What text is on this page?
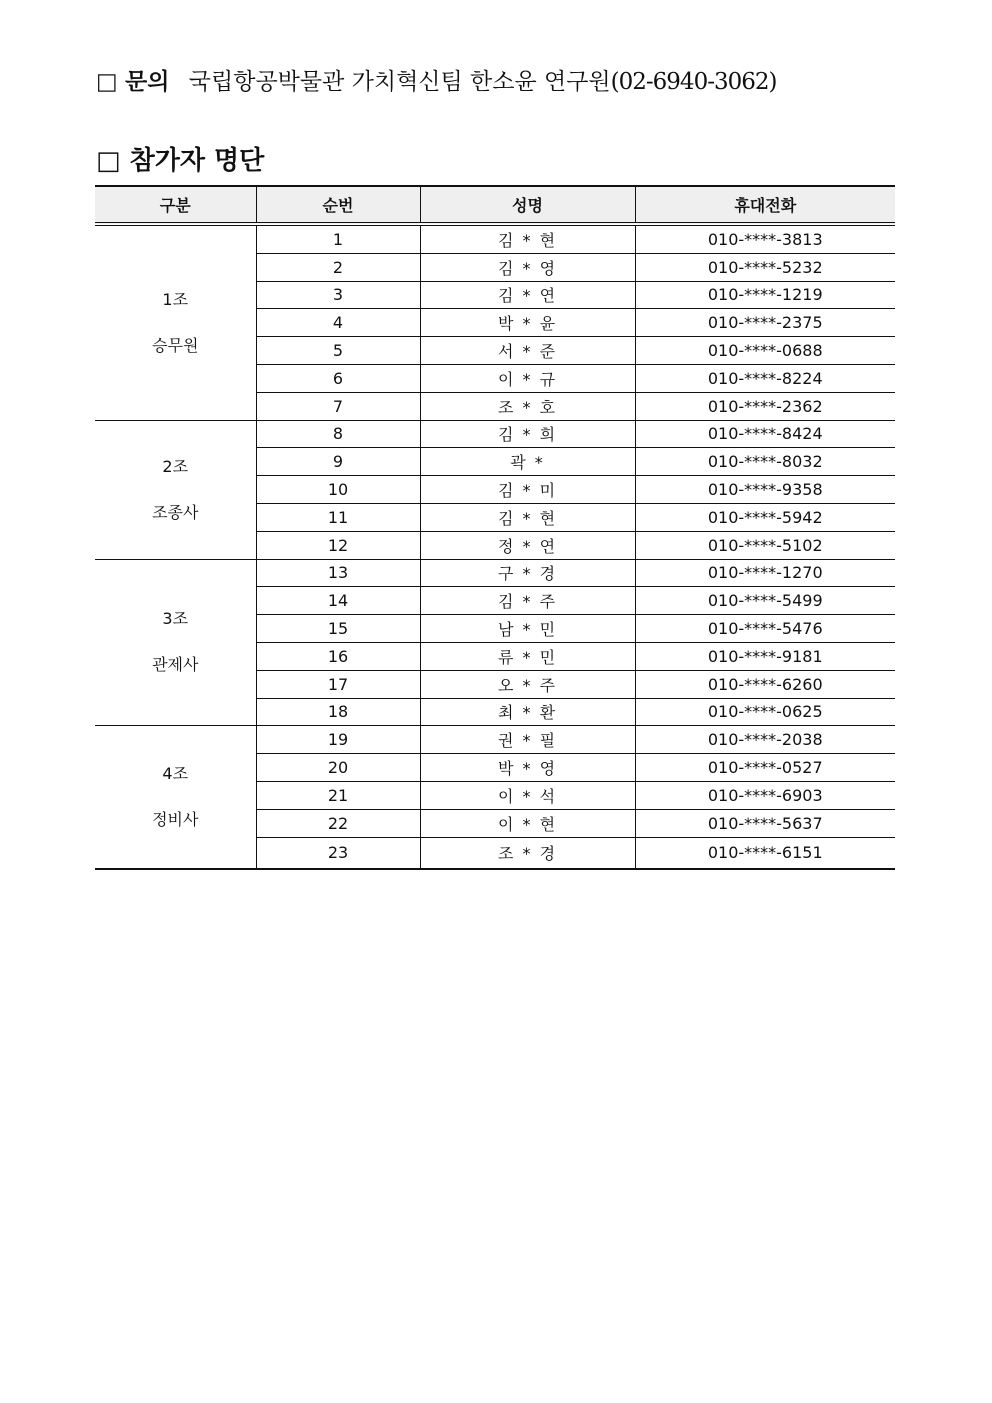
□ 문의 국립항공박물관 가치혁신팀 한소윤 연구원(02-6940-3062)
□ 참가자 명단
구분	순번	성명	휴대전화

1조
승무원	1	김 * 현	010-****-3813
	2	김 * 영	010-****-5232
	3	김 * 연	010-****-1219
	4	박 * 윤	010-****-2375
	5	서 * 준	010-****-0688
	6	이 * 규	010-****-8224
	7	조 * 호	010-****-2362

2조
조종사	8	김 * 희	010-****-8424
	9	곽 *	010-****-8032
	10	김 * 미	010-****-9358
	11	김 * 현	010-****-5942
	12	정 * 연	010-****-5102

3조
관제사	13	구 * 경	010-****-1270
	14	김 * 주	010-****-5499
	15	남 * 민	010-****-5476
	16	류 * 민	010-****-9181
	17	오 * 주	010-****-6260
	18	최 * 환	010-****-0625

4조
정비사	19	권 * 필	010-****-2038
	20	박 * 영	010-****-0527
	21	이 * 석	010-****-6903
	22	이 * 현	010-****-5637
	23	조 * 경	010-****-6151
